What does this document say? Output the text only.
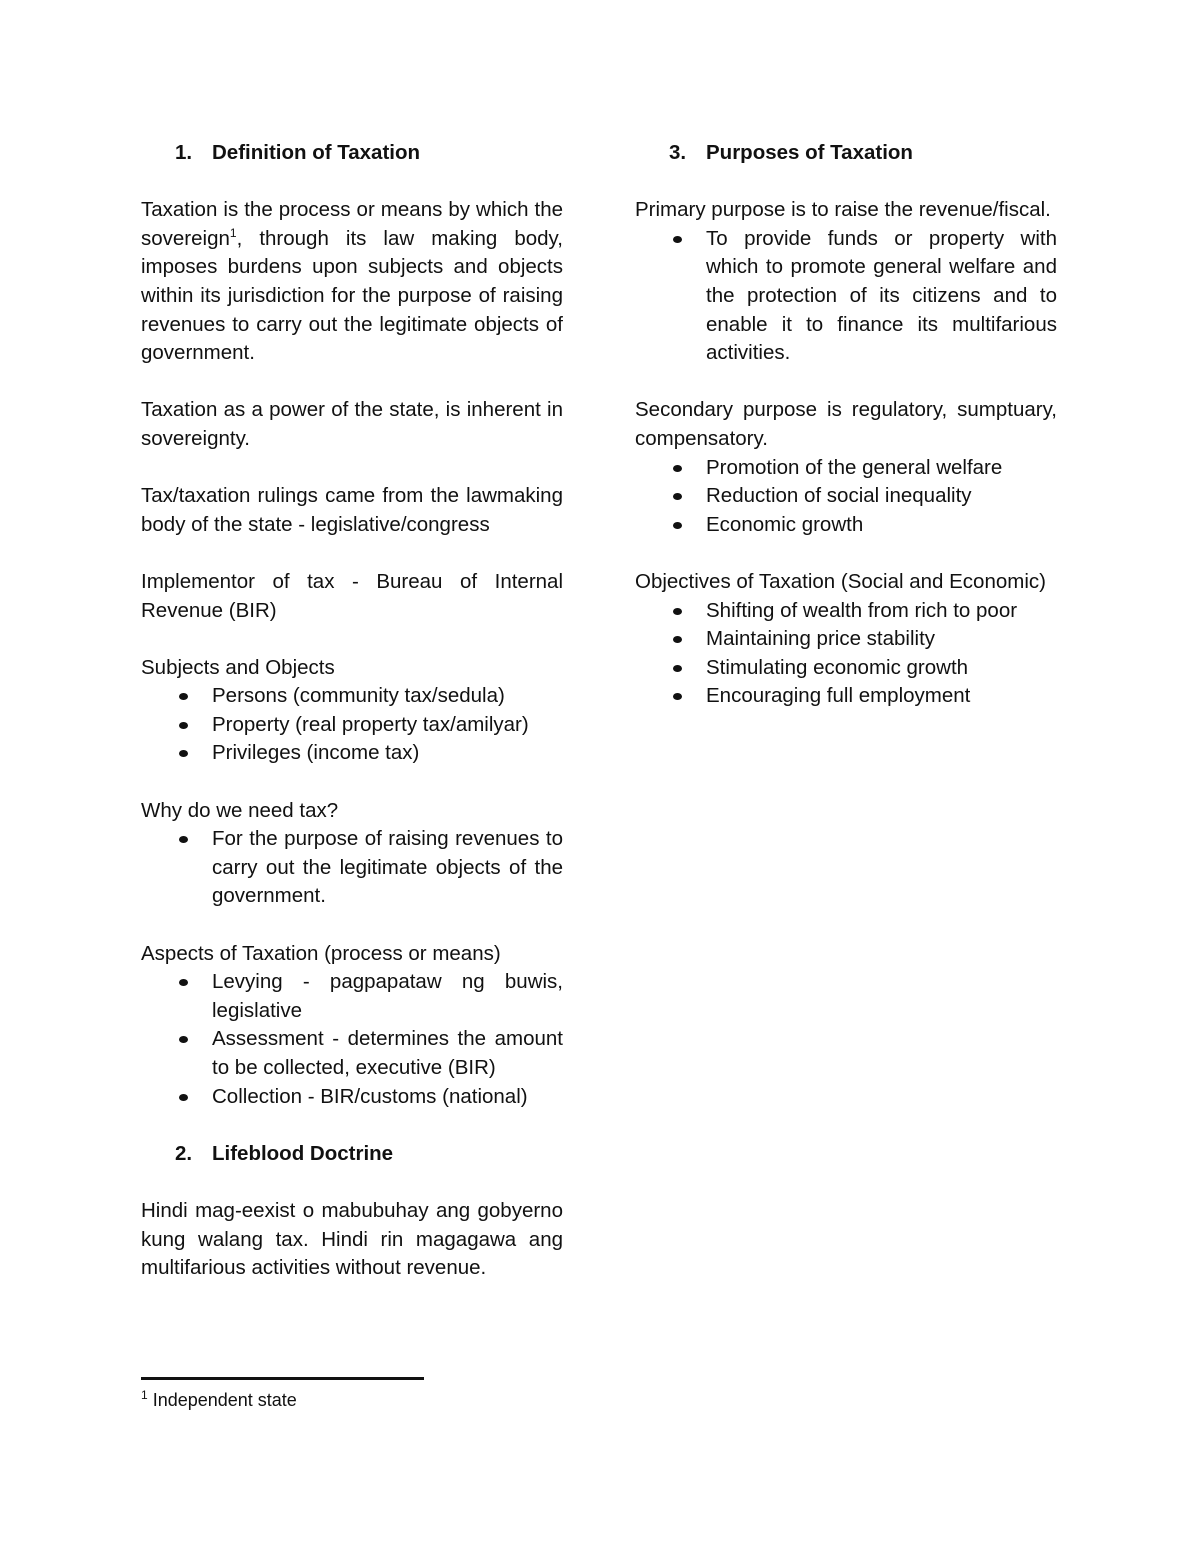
1. Definition of Taxation

Taxation is the process or means by which the sovereign$^1$, through its law making body, imposes burdens upon subjects and objects within its jurisdiction for the purpose of raising revenues to carry out the legitimate objects of government.

Taxation as a power of the state, is inherent in sovereignty.

Tax/taxation rulings came from the lawmaking body of the state - legislative/congress

Implementor of tax - Bureau of Internal Revenue (BIR)

Subjects and Objects

Persons (community tax/sedula)
Property (real property tax/amilyar)
Privileges (income tax)

Why do we need tax?

For the purpose of raising revenues to carry out the legitimate objects of the government.

Aspects of Taxation (process or means)

Levying - pagpapataw ng buwis, legislative
Assessment - determines the amount to be collected, executive (BIR)
Collection - BIR/customs (national)
2. Lifeblood Doctrine

Hindi mag-eexist o mabubuhay ang gobyerno kung walang tax. Hindi rin magagawa ang multifarious activities without revenue.

3. Purposes of Taxation

Primary purpose is to raise the revenue/fiscal.

To provide funds or property with which to promote general welfare and the protection of its citizens and to enable it to finance its multifarious activities.

Secondary purpose is regulatory, sumptuary, compensatory.

Promotion of the general welfare
Reduction of social inequality
Economic growth

Objectives of Taxation (Social and Economic)

Shifting of wealth from rich to poor
Maintaining price stability
Stimulating economic growth
Encouraging full employment
$^1$ Independent state
